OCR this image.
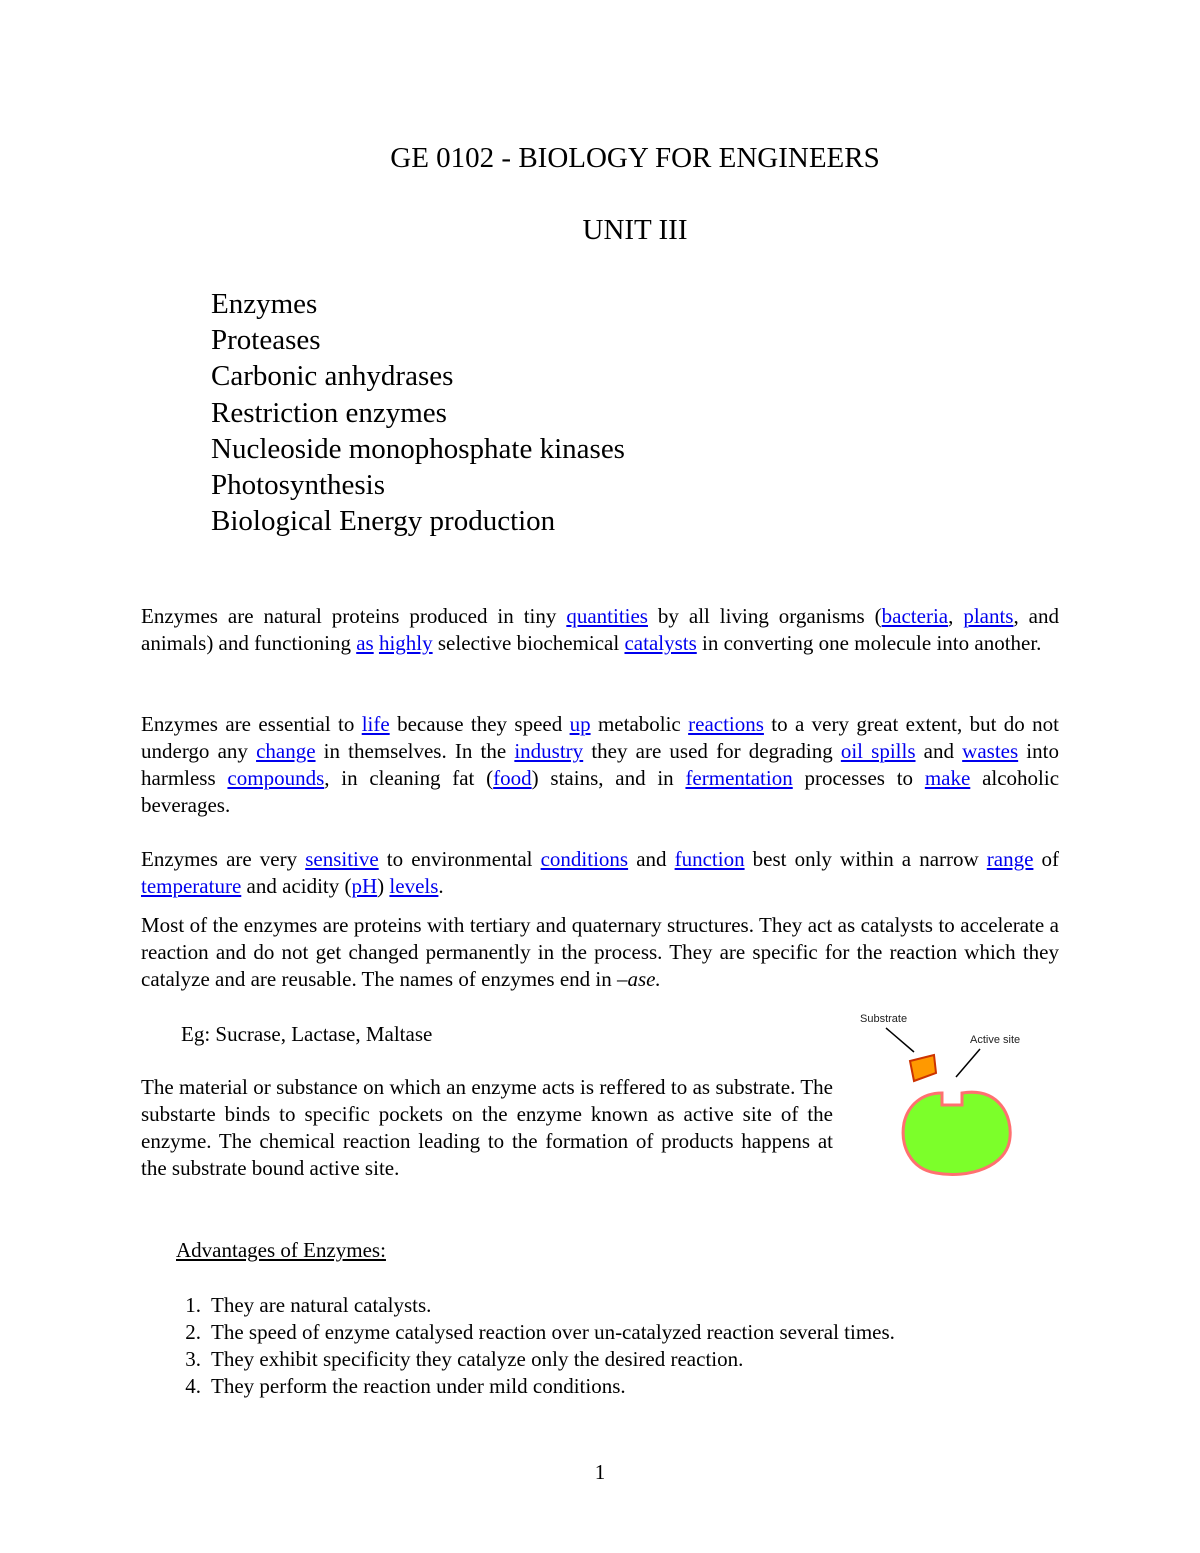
GE 0102 - BIOLOGY FOR ENGINEERS
UNIT III
Enzymes
Proteases
Carbonic anhydrases
Restriction enzymes
Nucleoside monophosphate kinases
Photosynthesis
Biological Energy production

Enzymes are natural proteins produced in tiny quantities by all living organisms (bacteria, plants, and animals) and functioning as highly selective biochemical catalysts in converting one molecule into another.

Enzymes are essential to life because they speed up metabolic reactions to a very great extent, but do not undergo any change in themselves. In the industry they are used for degrading oil spills and wastes into harmless compounds, in cleaning fat (food) stains, and in fermentation processes to make alcoholic beverages.

Enzymes are very sensitive to environmental conditions and function best only within a narrow range of temperature and acidity (pH) levels.

Most of the enzymes are proteins with tertiary and quaternary structures. They act as catalysts to accelerate a reaction and do not get changed permanently in the process. They are specific for the reaction which they catalyze and are reusable. The names of enzymes end in –ase.

Eg: Sucrase, Lactase, Maltase

The material or substance on which an enzyme acts is reffered to as substrate. The substarte binds to specific pockets on the enzyme known as active site of the enzyme. The chemical reaction leading to the formation of products happens at the substrate bound active site.

Substrate
Active site
Advantages of Enzymes:
1. They are natural catalysts.
2. The speed of enzyme catalysed reaction over un-catalyzed reaction several times.
3. They exhibit specificity they catalyze only the desired reaction.
4. They perform the reaction under mild conditions.
1
